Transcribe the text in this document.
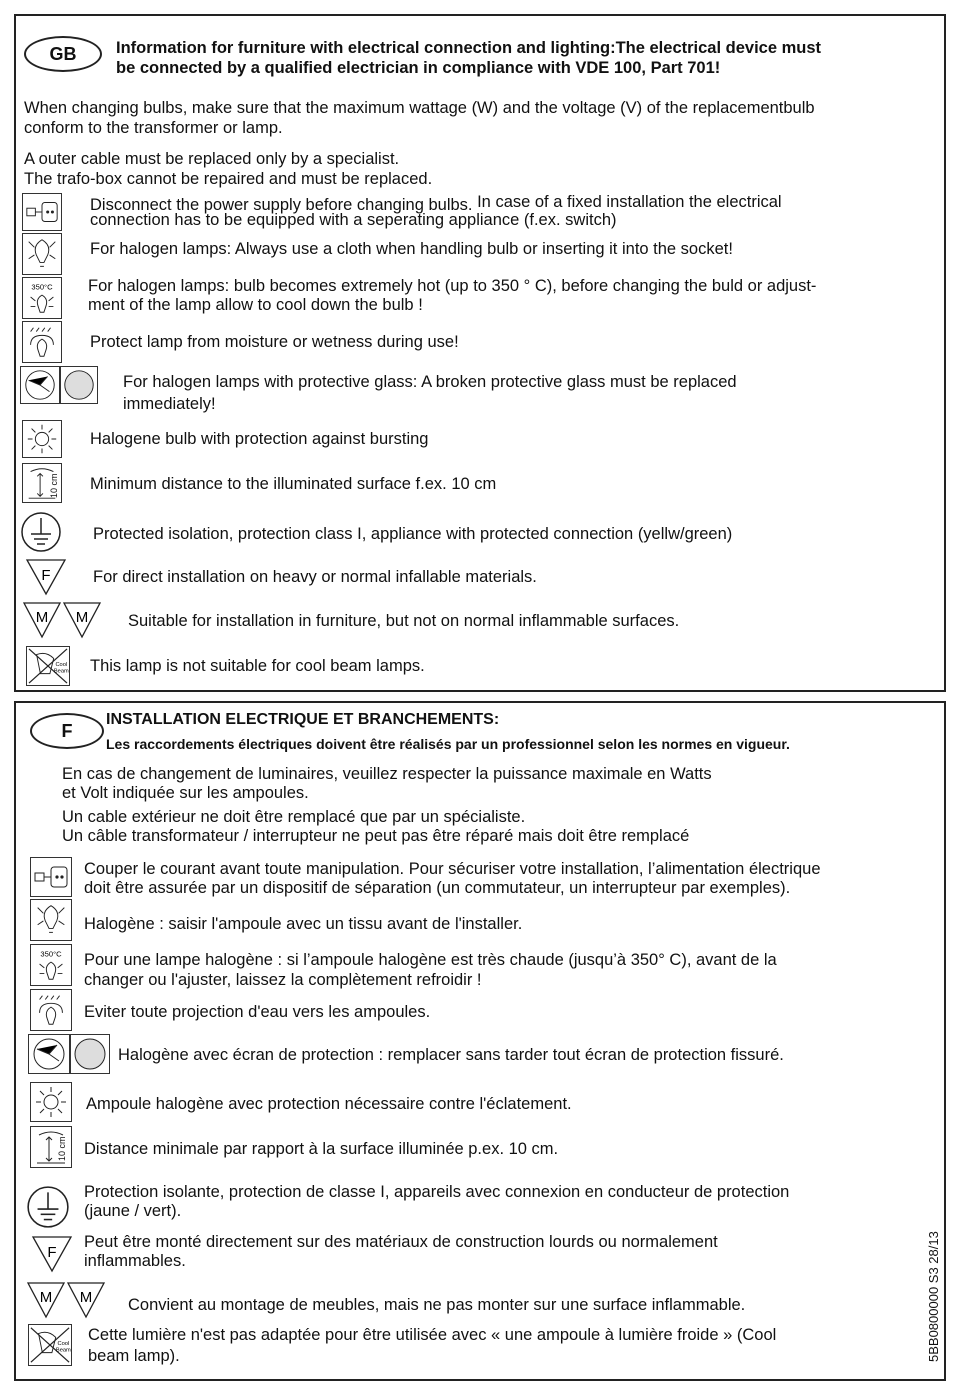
GB	Information for furniture with electrical connection and lighting:The electrical device must
be connected by a qualified electrician in compliance with VDE 100, Part 701!
When changing bulbs, make sure that the maximum wattage (W) and the voltage (V) of the replacementbulb
conform to the transformer or lamp.
A outer cable must be replaced only by a specialist.
The trafo-box cannot be repaired and must be replaced.
350°C
10 cm
F
M M
Cool
Beam
Disconnect the power supply before changing bulbs. In case of a fixed installation the electrical
connection has to be equipped with a seperating appliance (f.ex. switch)
For halogen lamps: Always use a cloth when handling bulb or inserting it into the socket!
For halogen lamps: bulb becomes extremely hot (up to 350 ° C), before changing the buld or adjust-
ment of the lamp allow to cool down the bulb !
Protect lamp from moisture or wetness during use!
For halogen lamps with protective glass: A broken protective glass must be replaced
immediately!
Halogene bulb with protection against bursting
Minimum distance to the illuminated surface f.ex. 10 cm
Protected isolation, protection class I, appliance with protected connection (yellw/green)
For direct installation on heavy or normal infallable materials.
Suitable for installation in furniture, but not on normal inflammable surfaces.
This lamp is not suitable for cool beam lamps.
F
INSTALLATION ELECTRIQUE ET BRANCHEMENTS:
Les raccordements électriques doivent être réalisés par un professionnel selon les normes en vigueur.
En cas de changement de luminaires, veuillez respecter la puissance maximale en Watts
et Volt indiquée sur les ampoules.
Un cable extérieur ne doit être remplacé que par un spécialiste.
Un câble transformateur / interrupteur ne peut pas être réparé mais doit être remplacé
350°C
10 cm
F
M M
Cool
Beam
Couper le courant avant toute manipulation. Pour sécuriser votre installation, l’alimentation électrique
doit être assurée par un dispositif de séparation (un commutateur, un interrupteur par exemples).
Halogène : saisir l'ampoule avec un tissu avant de l'installer.
Pour une lampe halogène : si l’ampoule halogène est très chaude (jusqu’à 350° C), avant de la
changer ou l'ajuster, laissez la complètement refroidir !
Eviter toute projection d'eau vers les ampoules.
Halogène avec écran de protection : remplacer sans tarder tout écran de protection fissuré.
Ampoule halogène avec protection nécessaire contre l'éclatement.
Distance minimale par rapport à la surface illuminée p.ex. 10 cm.
Protection isolante, protection de classe I, appareils avec connexion en conducteur de protection
(jaune / vert).
Peut être monté directement sur des matériaux de construction lourds ou normalement
inflammables.
Convient au montage de meubles, mais ne pas monter sur une surface inflammable.
Cette lumière n'est pas adaptée pour être utilisée avec « une ampoule à lumière froide » (Cool
beam lamp).	5BB0800000 S3 28/13
